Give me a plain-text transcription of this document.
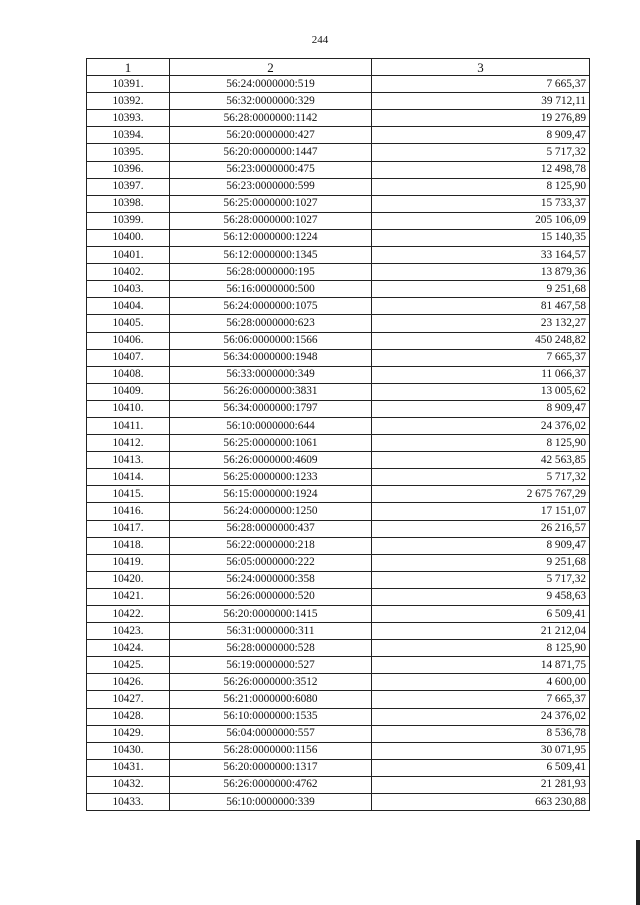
244
1	2	3
10391.	56:24:0000000:519	7 665,37
10392.	56:32:0000000:329	39 712,11
10393.	56:28:0000000:1142	19 276,89
10394.	56:20:0000000:427	8 909,47
10395.	56:20:0000000:1447	5 717,32
10396.	56:23:0000000:475	12 498,78
10397.	56:23:0000000:599	8 125,90
10398.	56:25:0000000:1027	15 733,37
10399.	56:28:0000000:1027	205 106,09
10400.	56:12:0000000:1224	15 140,35
10401.	56:12:0000000:1345	33 164,57
10402.	56:28:0000000:195	13 879,36
10403.	56:16:0000000:500	9 251,68
10404.	56:24:0000000:1075	81 467,58
10405.	56:28:0000000:623	23 132,27
10406.	56:06:0000000:1566	450 248,82
10407.	56:34:0000000:1948	7 665,37
10408.	56:33:0000000:349	11 066,37
10409.	56:26:0000000:3831	13 005,62
10410.	56:34:0000000:1797	8 909,47
10411.	56:10:0000000:644	24 376,02
10412.	56:25:0000000:1061	8 125,90
10413.	56:26:0000000:4609	42 563,85
10414.	56:25:0000000:1233	5 717,32
10415.	56:15:0000000:1924	2 675 767,29
10416.	56:24:0000000:1250	17 151,07
10417.	56:28:0000000:437	26 216,57
10418.	56:22:0000000:218	8 909,47
10419.	56:05:0000000:222	9 251,68
10420.	56:24:0000000:358	5 717,32
10421.	56:26:0000000:520	9 458,63
10422.	56:20:0000000:1415	6 509,41
10423.	56:31:0000000:311	21 212,04
10424.	56:28:0000000:528	8 125,90
10425.	56:19:0000000:527	14 871,75
10426.	56:26:0000000:3512	4 600,00
10427.	56:21:0000000:6080	7 665,37
10428.	56:10:0000000:1535	24 376,02
10429.	56:04:0000000:557	8 536,78
10430.	56:28:0000000:1156	30 071,95
10431.	56:20:0000000:1317	6 509,41
10432.	56:26:0000000:4762	21 281,93
10433.	56:10:0000000:339	663 230,88
